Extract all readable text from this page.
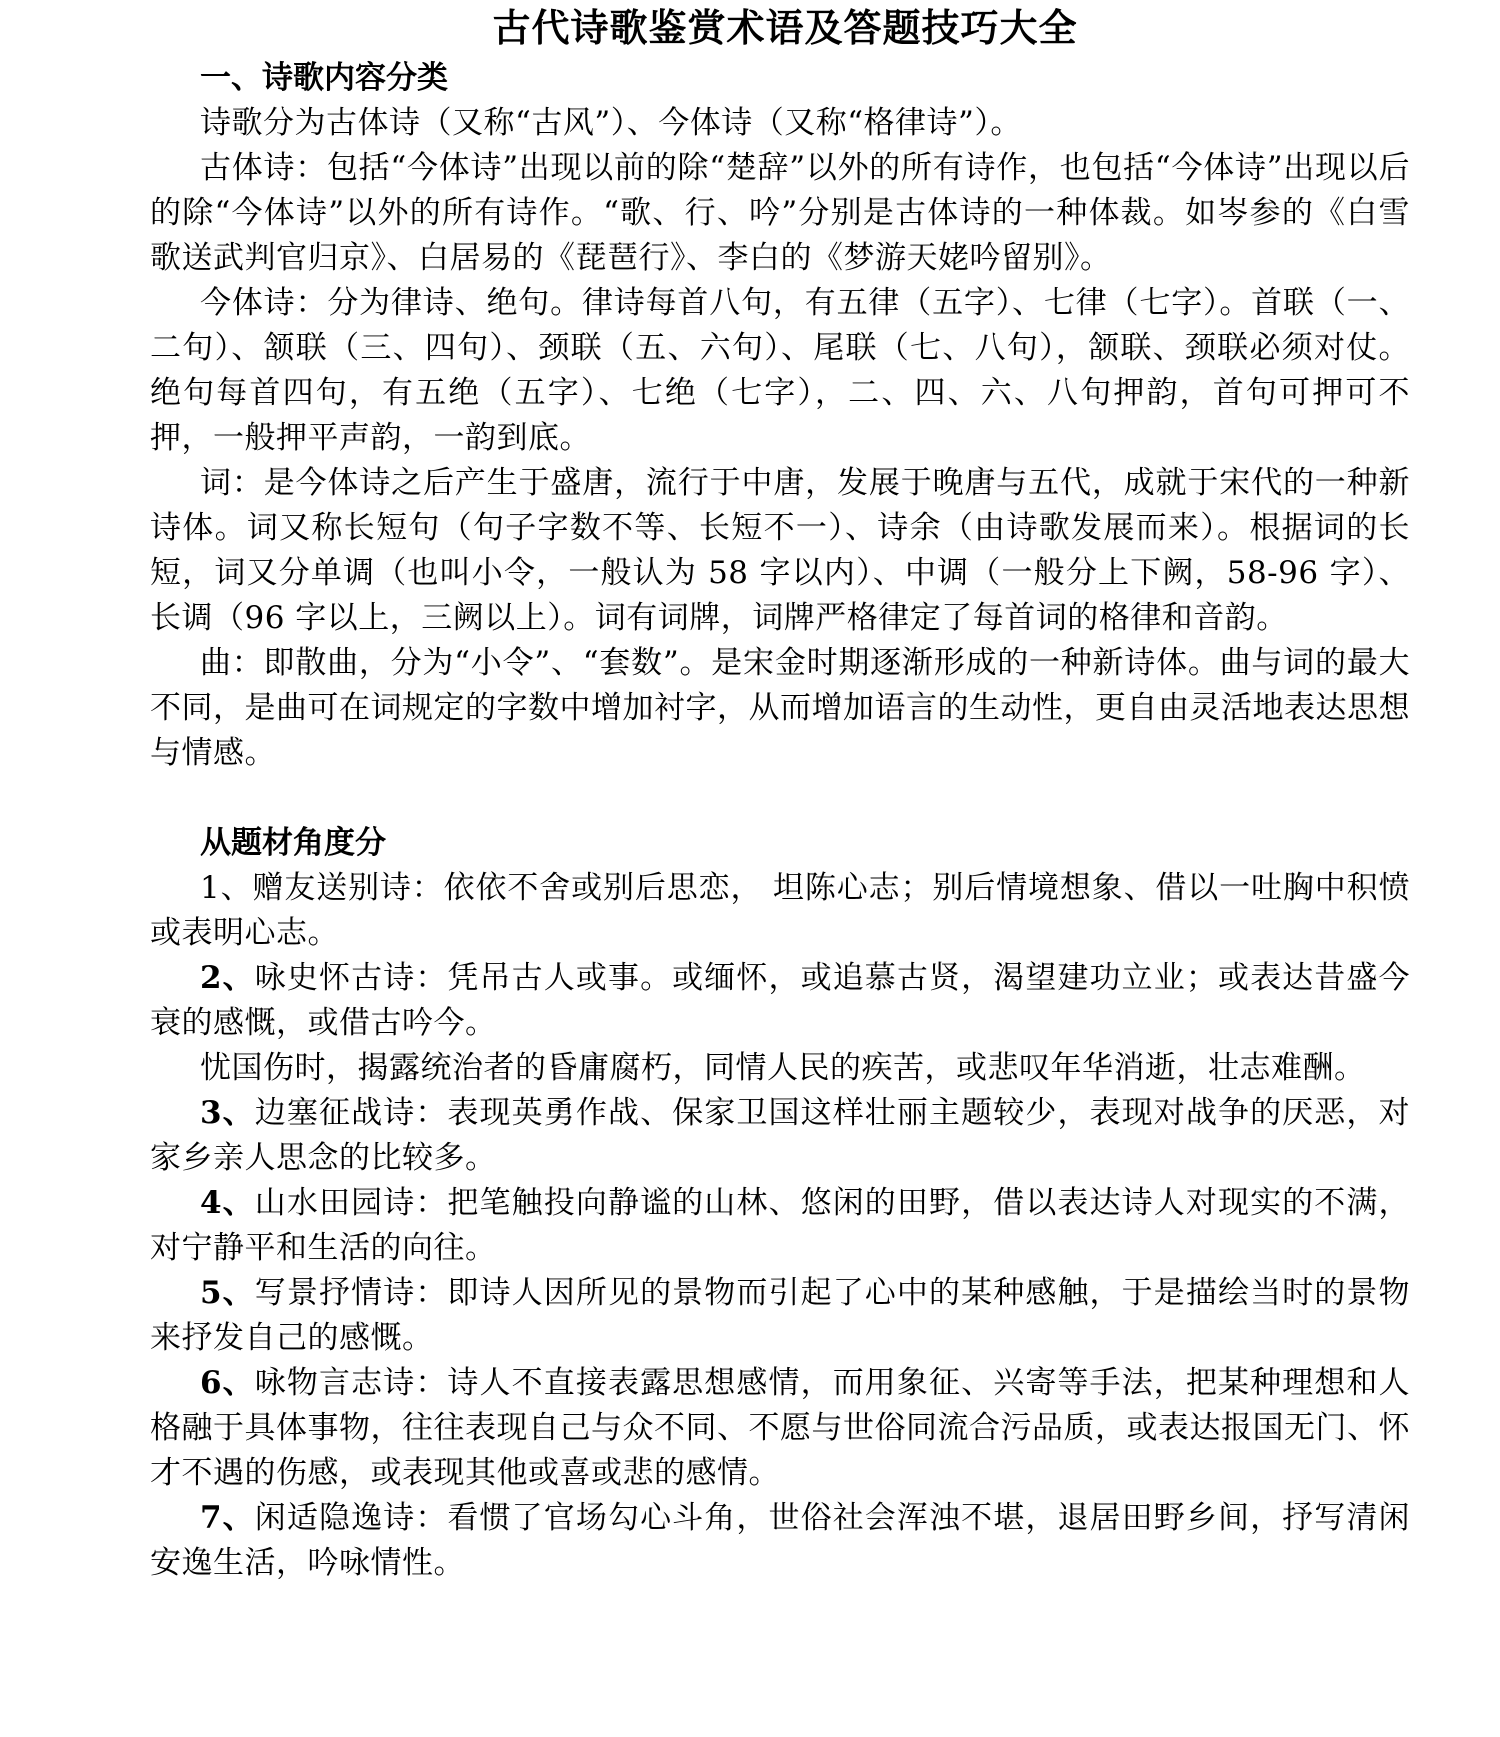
古代诗歌鉴赏术语及答题技巧大全
一、诗歌内容分类

诗歌分为古体诗（又称“古风”）、今体诗（又称“格律诗”）。

古体诗：包括“今体诗”出现以前的除“楚辞”以外的所有诗作，也包括“今体诗”出现以后的除“今体诗”以外的所有诗作。“歌、行、吟”分别是古体诗的一种体裁。如岑参的《白雪歌送武判官归京》、白居易的《琵琶行》、李白的《梦游天姥吟留别》。

今体诗：分为律诗、绝句。律诗每首八句，有五律（五字）、七律（七字）。首联（一、二句）、颔联（三、四句）、颈联（五、六句）、尾联（七、八句），颔联、颈联必须对仗。绝句每首四句，有五绝（五字）、七绝（七字），二、四、六、八句押韵，首句可押可不押，一般押平声韵，一韵到底。

词：是今体诗之后产生于盛唐，流行于中唐，发展于晚唐与五代，成就于宋代的一种新诗体。词又称长短句（句子字数不等、长短不一）、诗余（由诗歌发展而来）。根据词的长短，词又分单调（也叫小令，一般认为 58 字以内）、中调（一般分上下阙，58-96 字）、长调（96 字以上，三阙以上）。词有词牌，词牌严格律定了每首词的格律和音韵。

曲：即散曲，分为“小令”、“套数”。是宋金时期逐渐形成的一种新诗体。曲与词的最大不同，是曲可在词规定的字数中增加衬字，从而增加语言的生动性，更自由灵活地表达思想与情感。

从题材角度分

1、赠友送别诗：依依不舍或别后思恋， 坦陈心志；别后情境想象、借以一吐胸中积愤或表明心志。

2、咏史怀古诗：凭吊古人或事。或缅怀，或追慕古贤，渴望建功立业；或表达昔盛今衰的感慨，或借古吟今。

忧国伤时，揭露统治者的昏庸腐朽，同情人民的疾苦，或悲叹年华消逝，壮志难酬。

3、边塞征战诗：表现英勇作战、保家卫国这样壮丽主题较少，表现对战争的厌恶，对家乡亲人思念的比较多。

4、山水田园诗：把笔触投向静谧的山林、悠闲的田野，借以表达诗人对现实的不满，对宁静平和生活的向往。

5、写景抒情诗：即诗人因所见的景物而引起了心中的某种感触，于是描绘当时的景物来抒发自己的感慨。

6、咏物言志诗：诗人不直接表露思想感情，而用象征、兴寄等手法，把某种理想和人格融于具体事物，往往表现自己与众不同、不愿与世俗同流合污品质，或表达报国无门、怀才不遇的伤感，或表现其他或喜或悲的感情。

7、闲适隐逸诗：看惯了官场勾心斗角，世俗社会浑浊不堪，退居田野乡间，抒写清闲安逸生活，吟咏情性。
